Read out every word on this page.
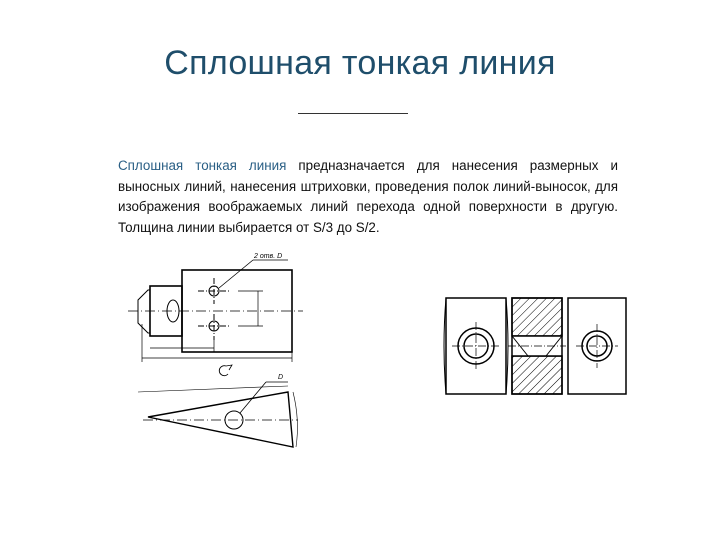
Сплошная тонкая линия
Сплошная тонкая линия предназначается для нанесения размерных и выносных линий, нанесения штриховки, проведения полок линий-выносок, для изображения воображаемых линий перехода одной поверхности в другую. Толщина линии выбирается от S/3 до S/2.
2 отв. D
D
